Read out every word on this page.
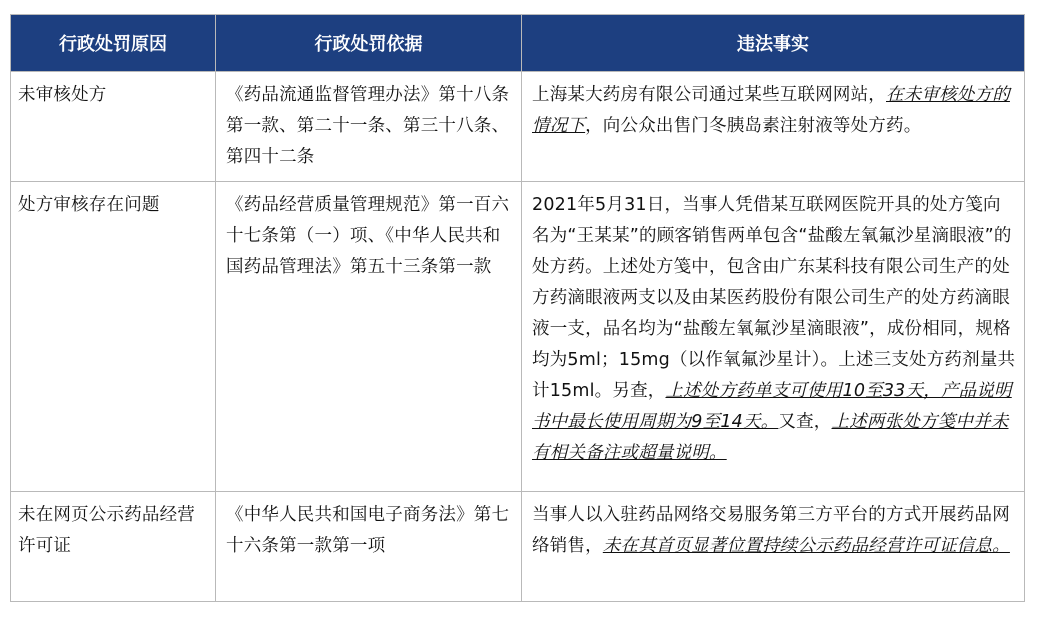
行政处罚原因	行政处罚依据	违法事实
未审核处方	《药品流通监督管理办法》第十八条第一款、第二十一条、第三十八条、第四十二条	上海某大药房有限公司通过某些互联网网站，在未审核处方的情况下，向公众出售门冬胰岛素注射液等处方药。
处方审核存在问题	《药品经营质量管理规范》第一百六十七条第（一）项、《中华人民共和国药品管理法》第五十三条第一款	2021年5月31日，当事人凭借某互联网医院开具的处方笺向名为“王某某”的顾客销售两单包含“盐酸左氧氟沙星滴眼液”的处方药。上述处方笺中，包含由广东某科技有限公司生产的处方药滴眼液两支以及由某医药股份有限公司生产的处方药滴眼液一支，品名均为“盐酸左氧氟沙星滴眼液”，成份相同，规格均为5ml；15mg（以作氧氟沙星计）。上述三支处方药剂量共计15ml。另查，上述处方药单支可使用10至33天，产品说明书中最长使用周期为9至14天。又查，上述两张处方笺中并未有相关备注或超量说明。
未在网页公示药品经营许可证	《中华人民共和国电子商务法》第七十六条第一款第一项	当事人以入驻药品网络交易服务第三方平台的方式开展药品网络销售，未在其首页显著位置持续公示药品经营许可证信息。
